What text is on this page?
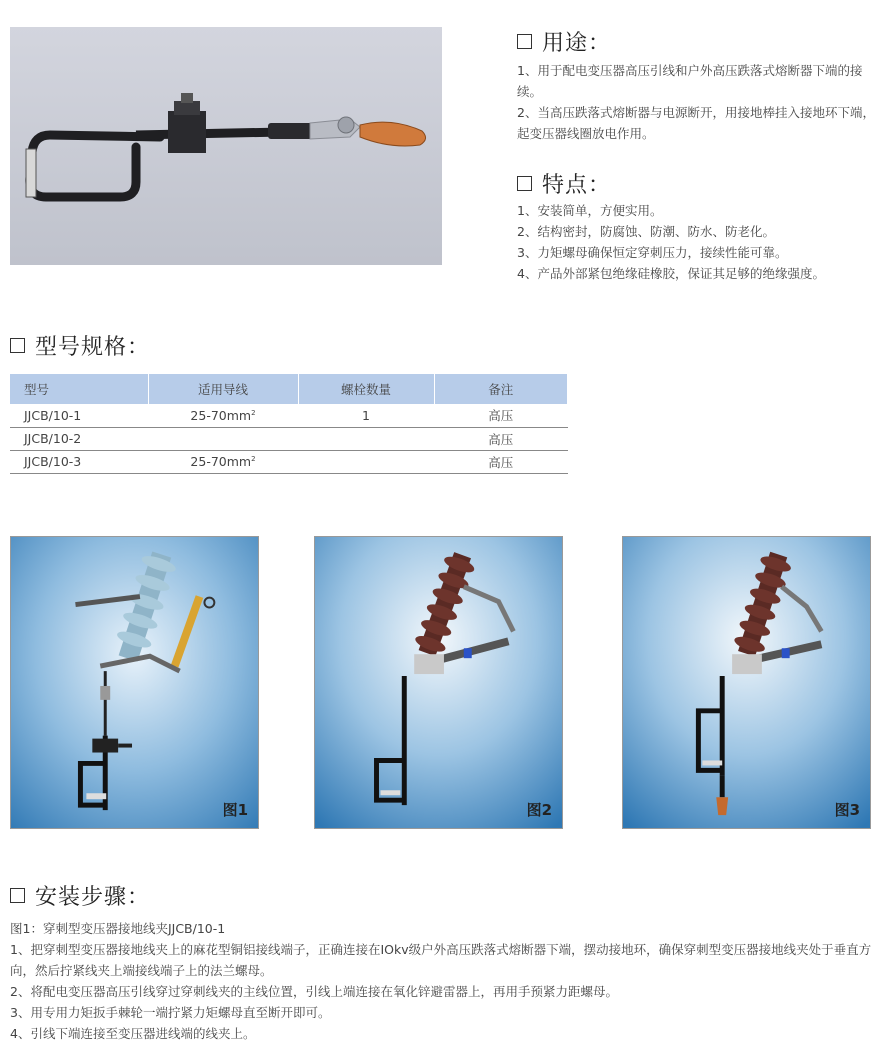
用途：

1、用于配电变压器高压引线和户外高压跌落式熔断器下端的接续。

2、当高压跌落式熔断器与电源断开，用接地棒挂入接地环下端，起变压器线圈放电作用。

特点：

1、安装简单，方便实用。

2、结构密封，防腐蚀、防潮、防水、防老化。

3、力矩螺母确保恒定穿刺压力，接续性能可靠。

4、产品外部紧包绝缘硅橡胶，保证其足够的绝缘强度。

型号规格：
型号	适用导线	螺栓数量	备注
JJCB/10-1	$25-70mm^2$	1	高压
JJCB/10-2			高压
JJCB/10-3	$25-70mm^2$		高压
图1	图2	图3
安装步骤：

图1：穿刺型变压器接地线夹JJCB/10-1

1、把穿刺型变压器接地线夹上的麻花型铜铝接线端子，正确连接在IOkv级户外高压跌落式熔断器下端，摆动接地环，确保穿刺型变压器接地线夹处于垂直方向，然后拧紧线夹上端接线端子上的法兰螺母。

2、将配电变压器高压引线穿过穿刺线夹的主线位置，引线上端连接在氧化锌避雷器上，再用手预紧力距螺母。

3、用专用力矩扳手棘轮一端拧紧力矩螺母直至断开即可。

4、引线下端连接至变压器进线端的线夹上。
